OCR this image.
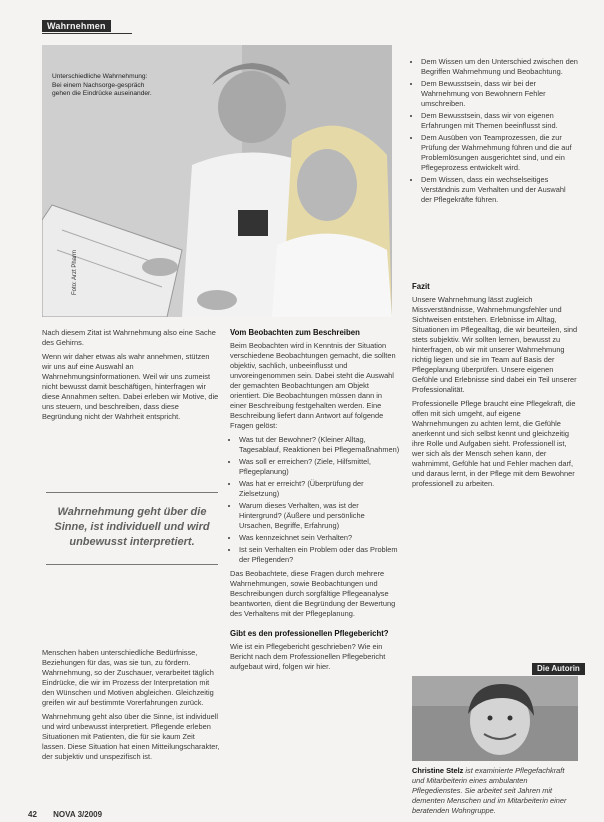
Wahrnehmen
Unterschiedliche Wahrnehmung: Bei einem Nachsorge-gespräch gehen die Eindrücke auseinander.
Foto: Arzt Pharm

Nach diesem Zitat ist Wahrnehmung also eine Sache des Gehirns.

Wenn wir daher etwas als wahr annehmen, stützen wir uns auf eine Auswahl an Wahrnehmungsinformationen. Weil wir uns zumeist nicht bewusst damit beschäftigen, hinterfragen wir diese Annahmen selten. Dabei erleben wir Motive, die uns steuern, und beschreiben, dass diese Begründung nicht der Wahrheit entspricht.

Wahrnehmung geht über die Sinne, ist individuell und wird unbewusst interpretiert.

Menschen haben unterschiedliche Bedürfnisse, Beziehungen für das, was sie tun, zu fördern. Wahrnehmung, so der Zuschauer, verarbeitet täglich Eindrücke, die wir im Prozess der Interpretation mit den Wünschen und Motiven abgleichen. Gleichzeitig greifen wir auf bestimmte Vorerfahrungen zurück.

Wahrnehmung geht also über die Sinne, ist individuell und wird unbewusst interpretiert. Pflegende erleben Situationen mit Patienten, die für sie kaum Zeit lassen. Diese Situation hat einen Mitteilungscharakter, der subjektiv und unspezifisch ist.

Vom Beobachten zum Beschreiben

Beim Beobachten wird in Kenntnis der Situation verschiedene Beobachtungen gemacht, die sollten objektiv, sachlich, unbeeinflusst und unvoreingenommen sein. Dabei steht die Auswahl der gemachten Beobachtungen am Objekt orientiert. Die Beobachtungen müssen dann in einer Beschreibung festgehalten werden. Eine Beschreibung liefert dann Antwort auf folgende Fragen gelöst:

• Was tut der Bewohner? (Kleiner Alltag, Tagesablauf, Reaktionen bei Pflegemaßnahmen)
• Was soll er erreichen? (Ziele, Hilfsmittel, Pflegeplanung)
• Was hat er erreicht? (Überprüfung der Zielsetzung)
• Warum dieses Verhalten, was ist der Hintergrund? (Äußere und persönliche Ursachen, Begriffe, Erfahrung)
• Was kennzeichnet sein Verhalten?
• Ist sein Verhalten ein Problem oder das Problem der Pflegenden?

Das Beobachtete, diese Fragen durch mehrere Wahrnehmungen, sowie Beobachtungen und Beschreibungen durch sorgfältige Pflegeanalyse beantworten, dient die Begründung der Bewertung des Verhaltens mit der Pflegeplanung.

Gibt es den professionellen Pflegebericht?

Wie ist ein Pflegebericht geschrieben? Wie ein Bericht nach dem Professionellen Pflegebericht aufgebaut wird, folgen wir hier.

• Dem Wissen um den Unterschied zwischen den Begriffen Wahrnehmung und Beobachtung.
• Dem Bewusstsein, dass wir bei der Wahrnehmung von Bewohnern Fehler umschreiben.
• Dem Bewusstsein, dass wir von eigenen Erfahrungen mit Themen beeinflusst sind.
• Dem Ausüben von Teamprozessen, die zur Prüfung der Wahrnehmung führen und die auf Problemlösungen ausgerichtet sind, und ein Pflegeprozess entwickelt wird.
• Dem Wissen, dass ein wechselseitiges Verständnis zum Verhalten und der Auswahl der Pflegekräfte führen.
Fazit

Unsere Wahrnehmung lässt zugleich Missverständnisse, Wahrnehmungsfehler und Sichtweisen entstehen. Erlebnisse im Alltag, Situationen im Pflegealltag, die wir beurteilen, sind stets subjektiv. Wir sollten lernen, bewusst zu hinterfragen, ob wir mit unserer Wahrnehmung richtig liegen und sie im Team auf Basis der Pflegeplanung überprüfen. Unsere eigenen Gefühle und Erlebnisse sind dabei ein Teil unserer Professionalität.

Professionelle Pflege braucht eine Pflegekraft, die offen mit sich umgeht, auf eigene Wahrnehmungen zu achten lernt, die Gefühle anerkennt und sich selbst kennt und gleichzeitig ihre Rolle und Aufgaben sieht. Professionell ist, wer sich als der Mensch sehen kann, der wahrnimmt, Gefühle hat und Fehler machen darf, und daraus lernt, in der Pflege mit dem Bewohner professionell zu arbeiten.

Die Autorin
Christine Stelz ist examinierte Pflegefachkraft und Mitarbeiterin eines ambulanten Pflegedienstes. Sie arbeitet seit Jahren mit dementen Menschen und im Mitarbeiterin einer beratenden Wohngruppe.
42 NOVA 3/2009
